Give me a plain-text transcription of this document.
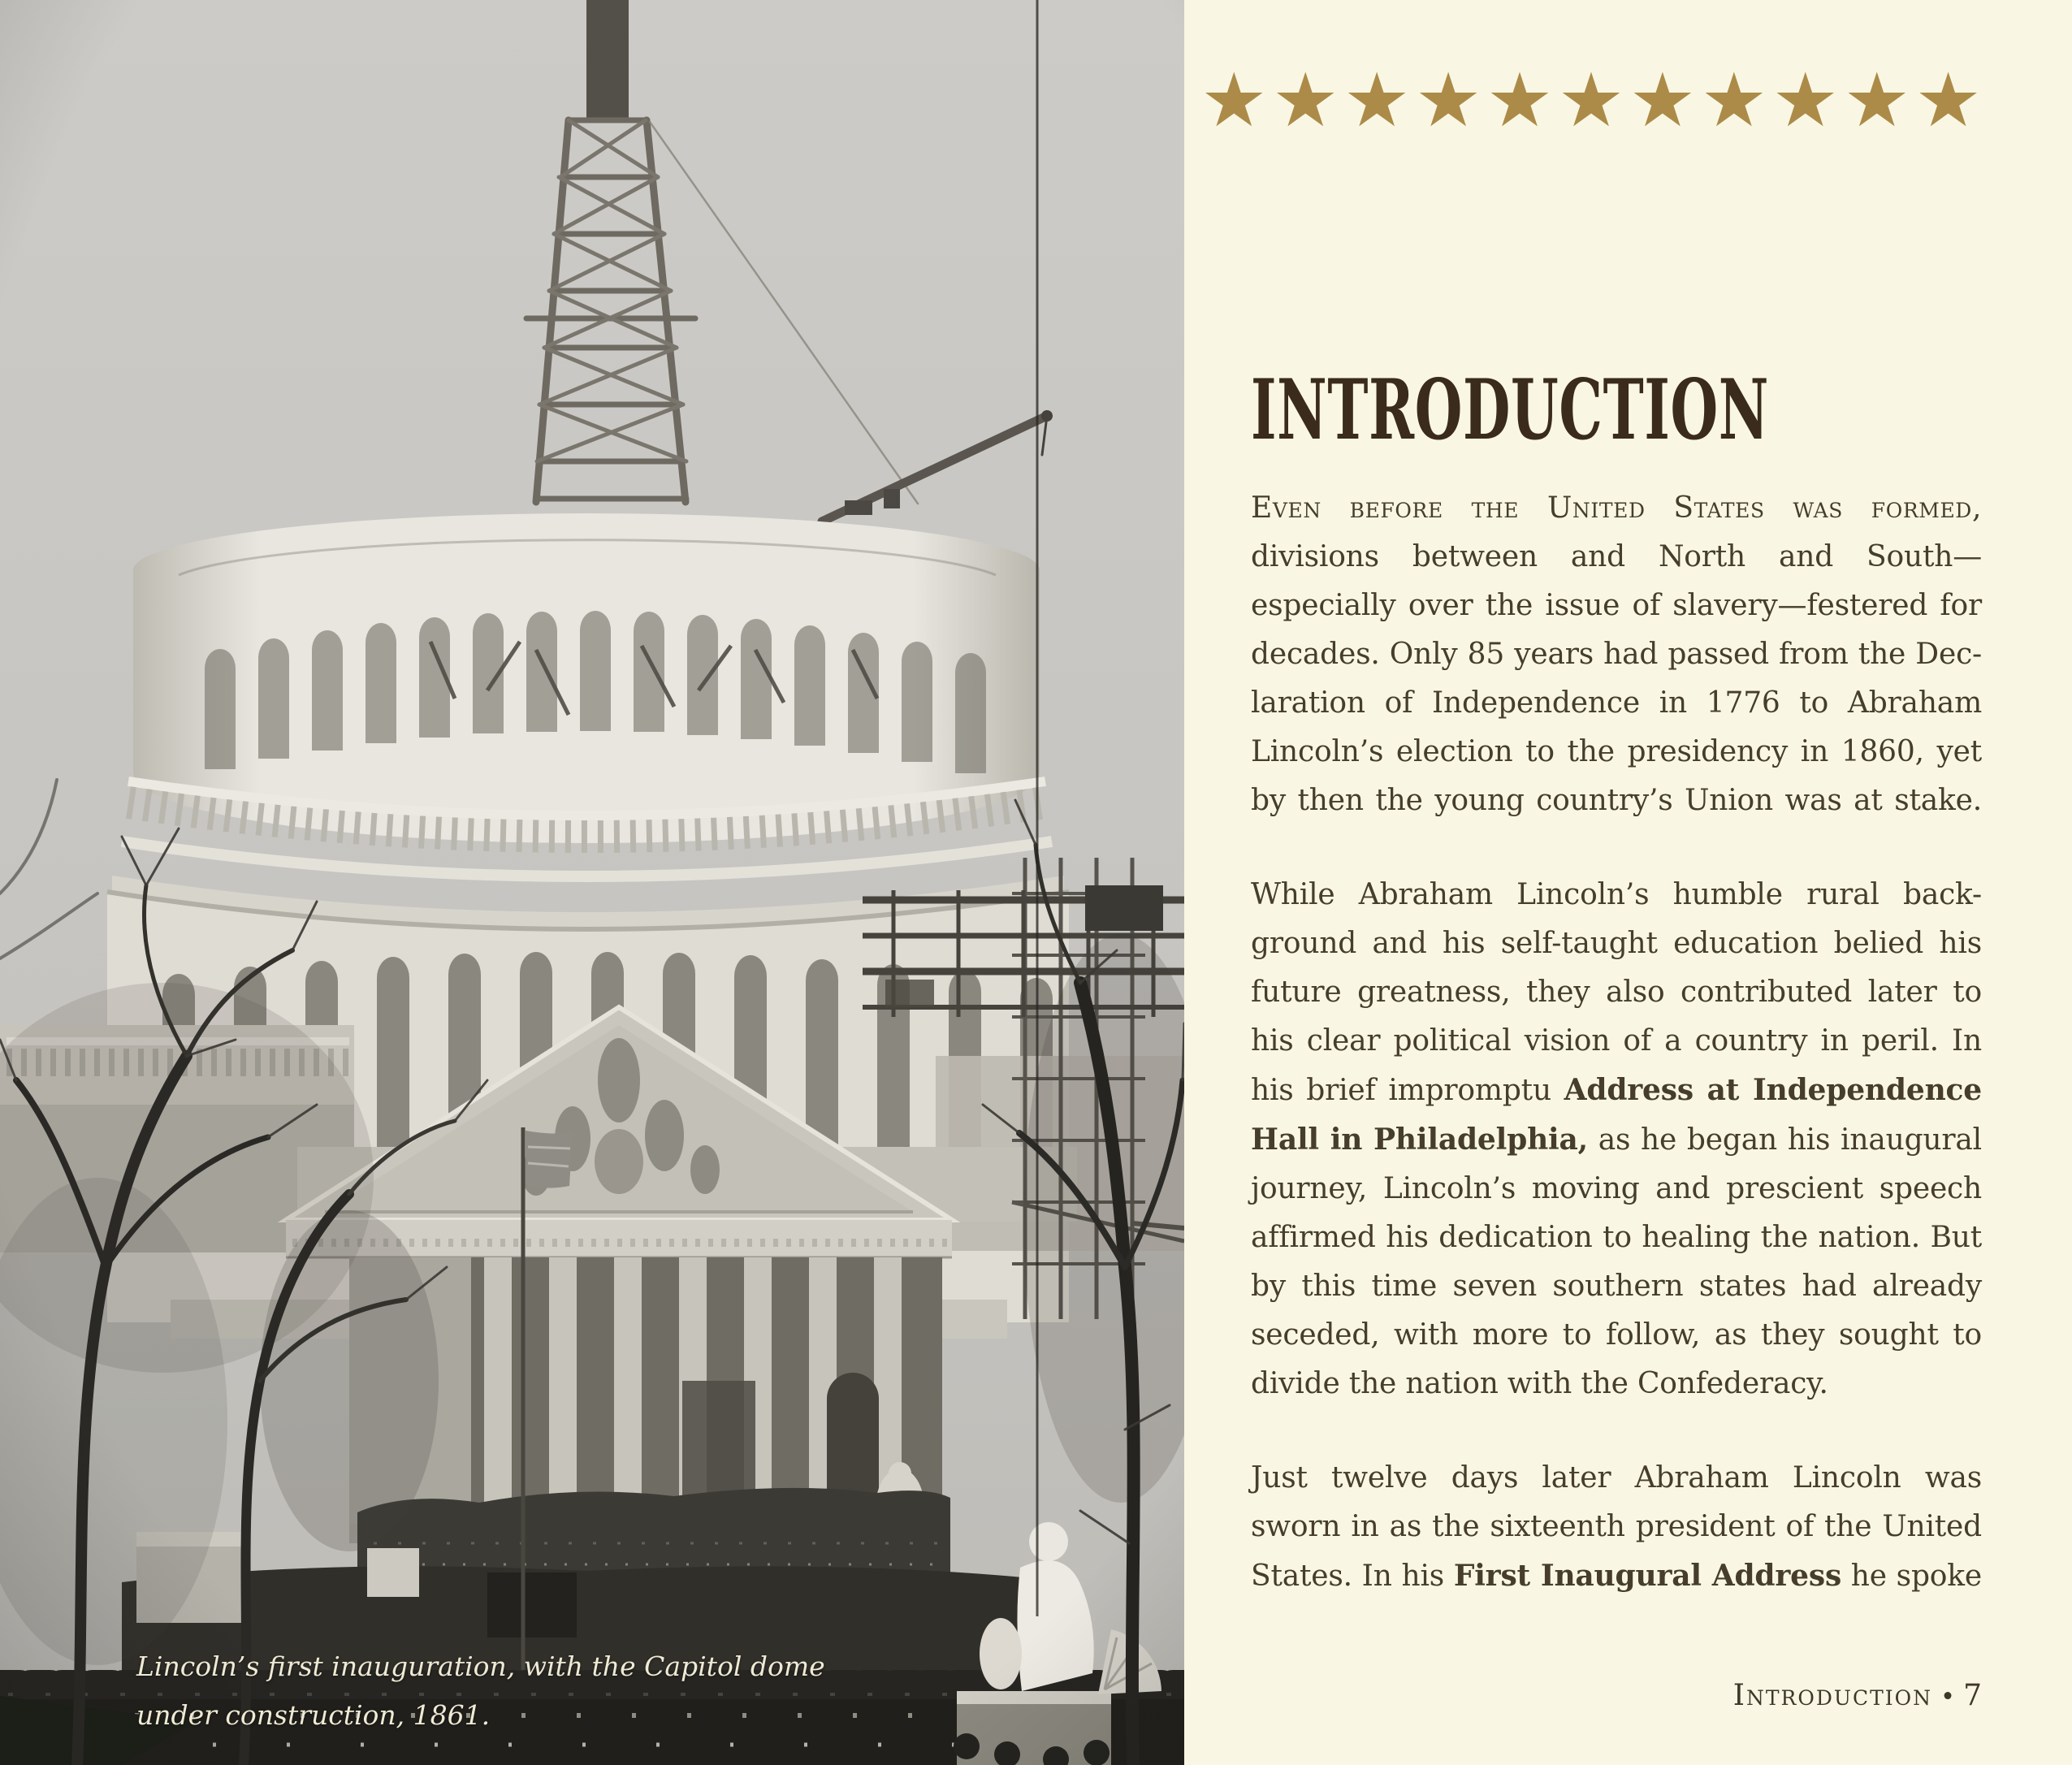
Lincoln’s first inauguration, with the Capitol dome
under construction, 1861.
★ ★ ★ ★ ★ ★ ★ ★ ★ ★ ★
INTRODUCTION
Even before the United States was formed,
divisions between and North and South—
especially over the issue of slavery—festered for
decades. Only 85 years had passed from the Dec-
laration of Independence in 1776 to Abraham
Lincoln’s election to the presidency in 1860, yet
by then the young country’s Union was at stake.
While Abraham Lincoln’s humble rural back-
ground and his self-taught education belied his
future greatness, they also contributed later to
his clear political vision of a country in peril. In
his brief impromptu Address at Independence
Hall in Philadelphia, as he began his inaugural
journey, Lincoln’s moving and prescient speech
affirmed his dedication to healing the nation. But
by this time seven southern states had already
seceded, with more to follow, as they sought to
divide the nation with the Confederacy.
Just twelve days later Abraham Lincoln was
sworn in as the sixteenth president of the United
States. In his First Inaugural Address he spoke
Introduction • 7
